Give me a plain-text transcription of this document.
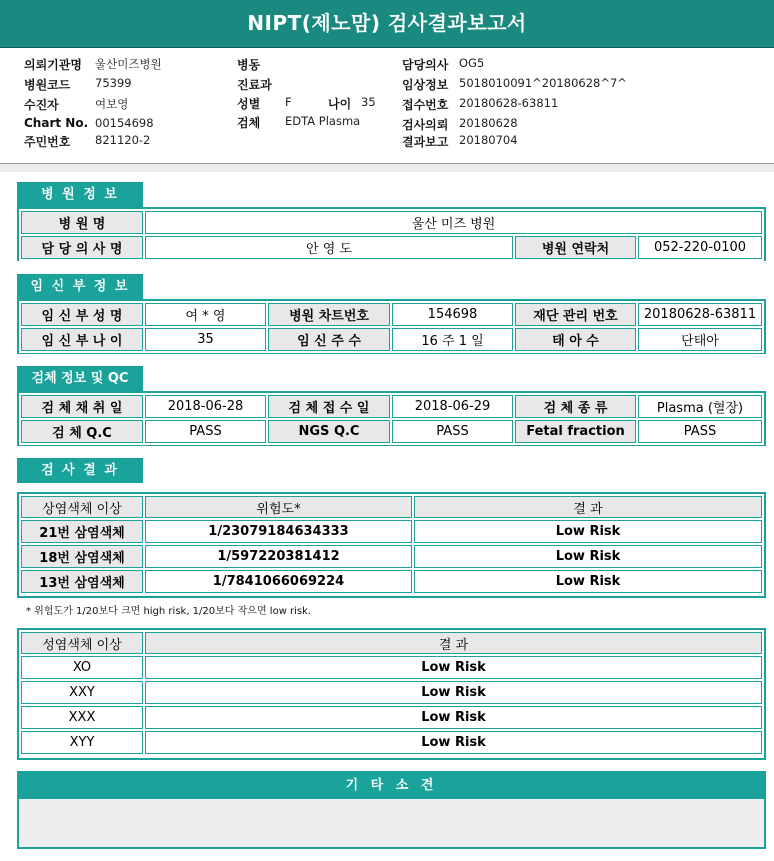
NIPT(제노맘) 검사결과보고서
의뢰기관명 울산미즈병원
병원코드 75399
수진자	여보영
Chart No. 00154698
주민번호 821120-2
병동
진료과
성별 F	나이 35
검체 EDTA Plasma
담당의사 OG5
임상정보 5018010091^20180628^7^
접수번호 20180628-63811
검사의뢰 20180628
결과보고 20180704
병 원 정 보
병 원 명	울산 미즈 병원		
담 당 의 사 명	안 영 도	병원 연락처	052-220-0100
임 신 부 정 보
임 신 부 성 명	여 * 영	병원 차트번호	154698	재단 관리 번호	20180628-63811
임 신 부 나 이	35	임 신 주 수	16 주 1 일	태 아 수	단태아
검체 정보 및 QC
검 체 채 취 일	2018-06-28	검 체 접 수 일	2018-06-29	검 체 종 류	Plasma (혈장)
검 체 Q.C	PASS	NGS Q.C	PASS	Fetal fraction	PASS
검 사 결 과
상염색체 이상	위험도*	결 과
21번 삼염색체	1/23079184634333	Low Risk
18번 삼염색체	1/597220381412	Low Risk
13번 삼염색체	1/7841066069224	Low Risk
* 위험도가 1/20보다 크면 high risk, 1/20보다 작으면 low risk.
성염색체 이상	결 과
XO	Low Risk
XXY	Low Risk
XXX	Low Risk
XYY	Low Risk
기 타 소 견
